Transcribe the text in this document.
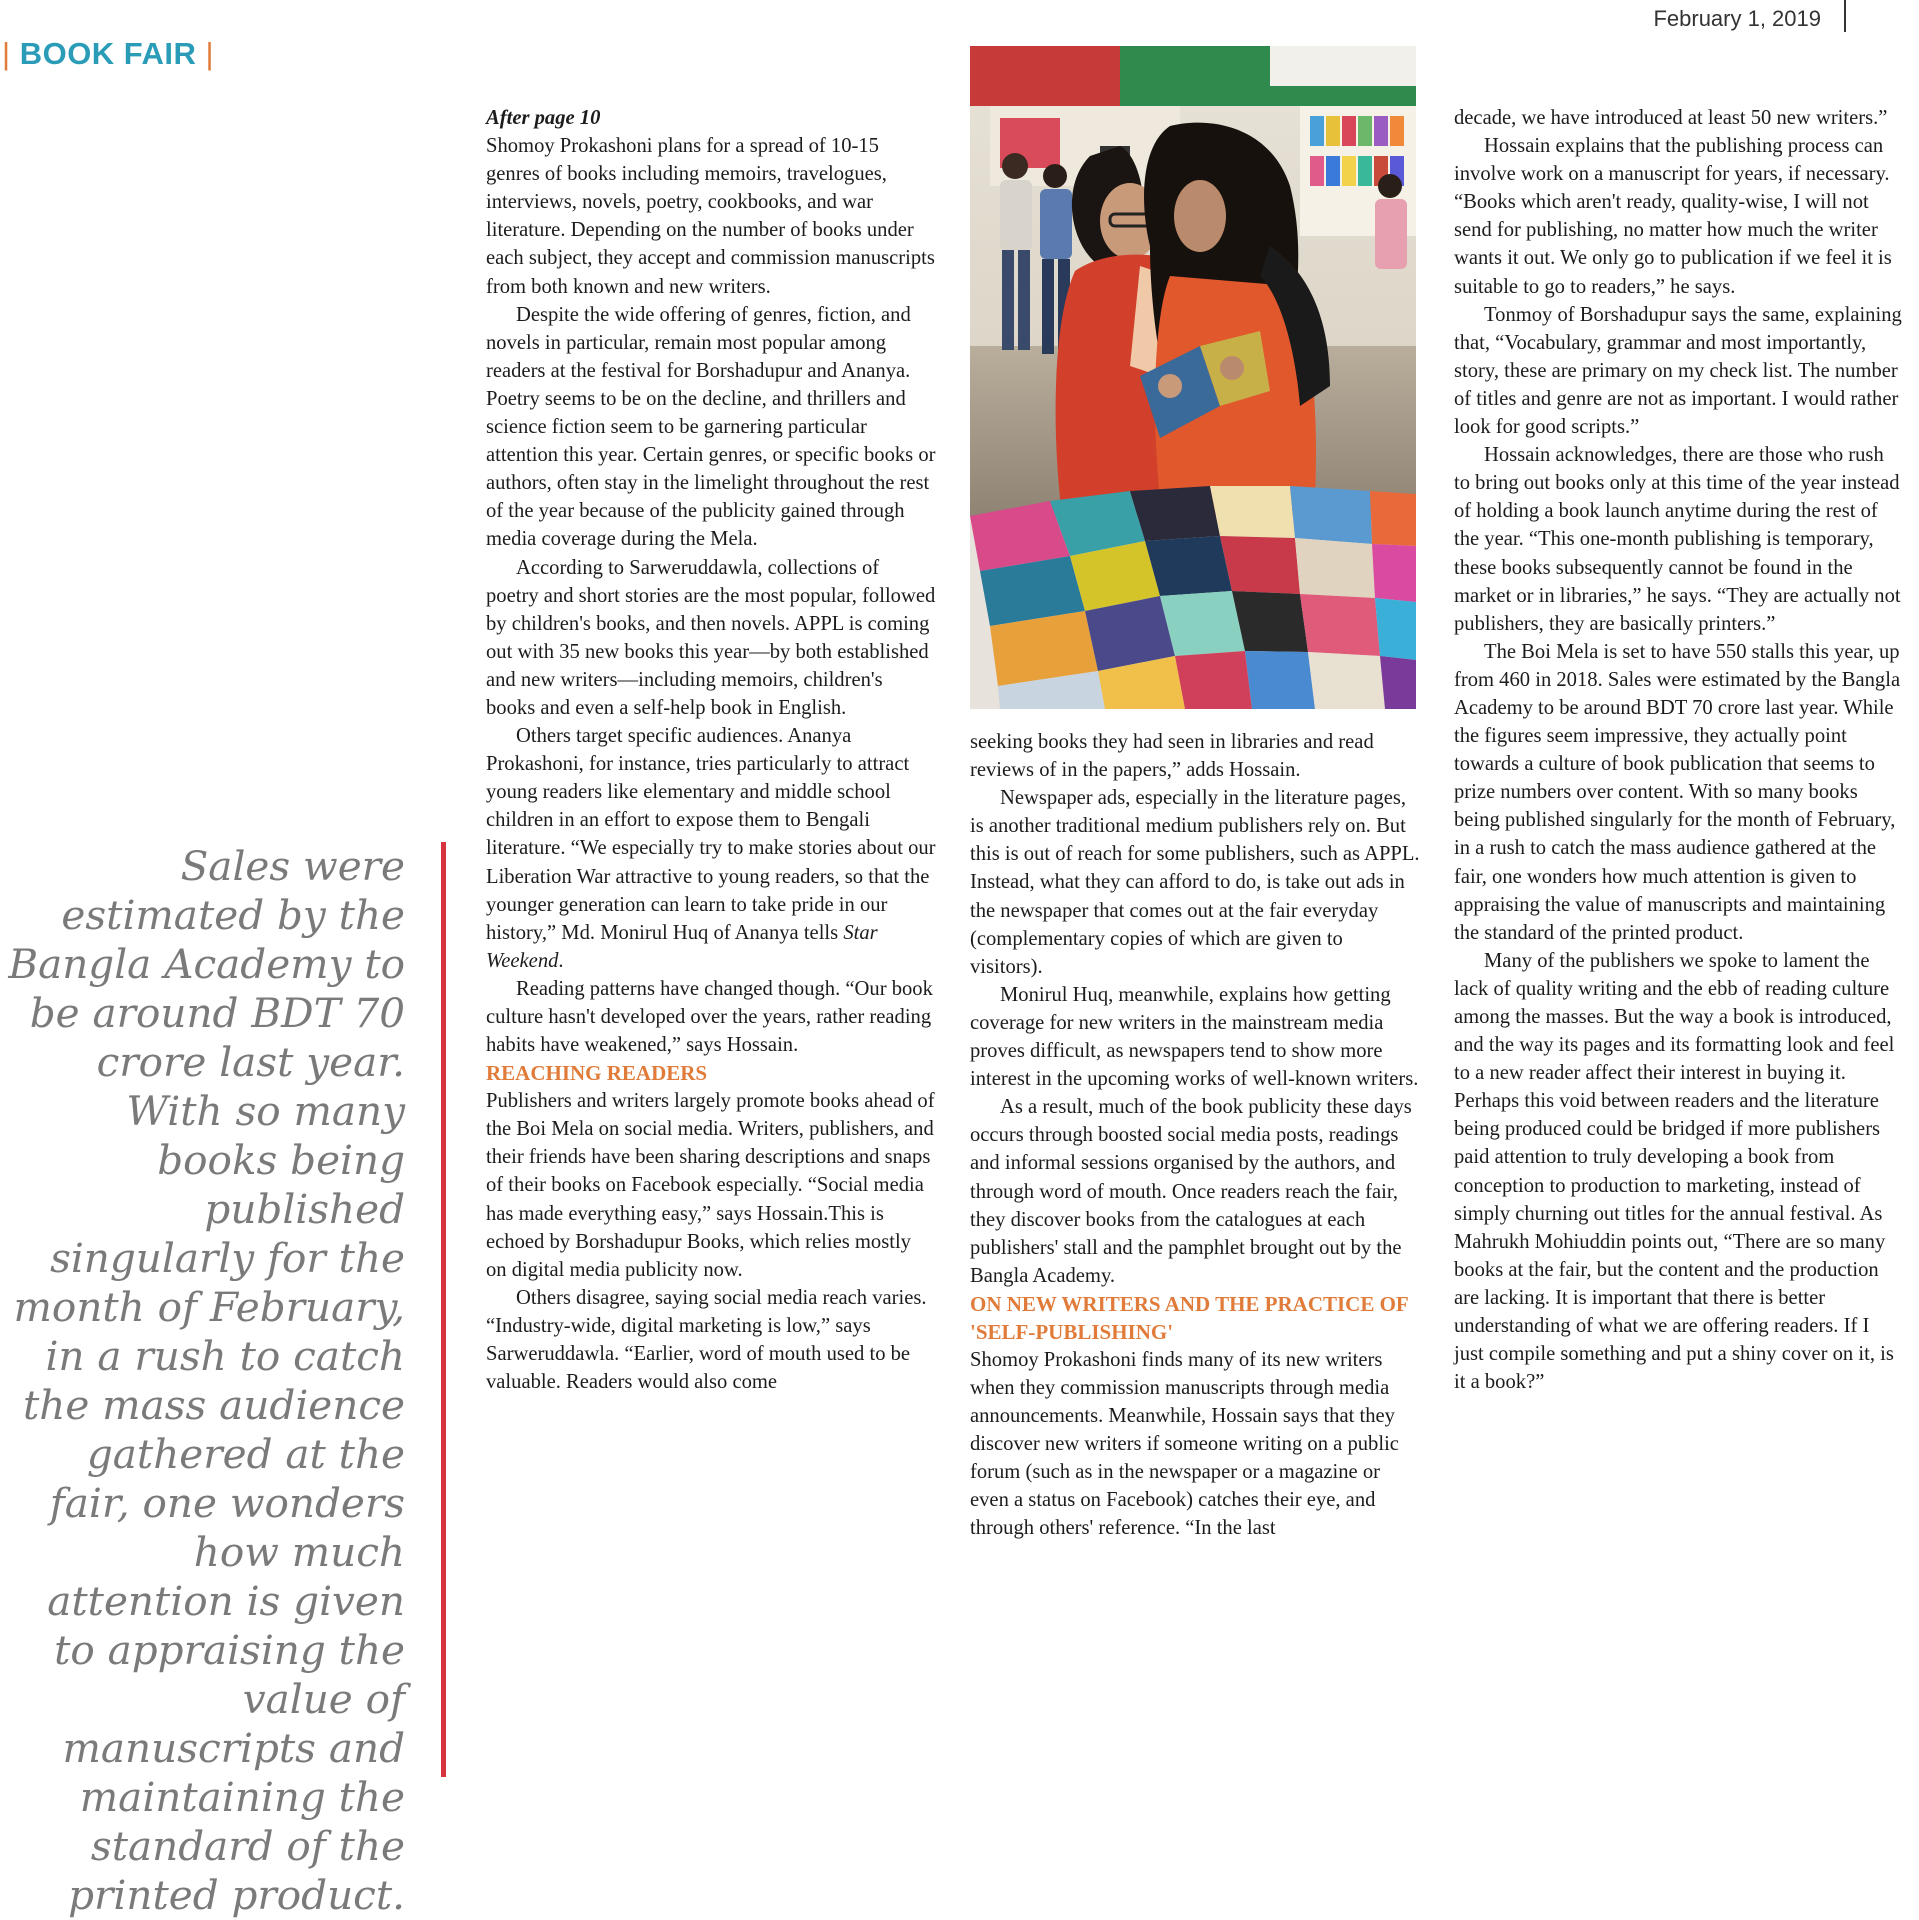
February 1, 2019
| BOOK FAIR |
Sales were estimated by the Bangla Academy to be around BDT 70 crore last year. With so many books being published singularly for the month of February, in a rush to catch the mass audience gathered at the fair, one wonders how much attention is given to appraising the value of manuscripts and maintaining the standard of the printed product.

After page 10

Shomoy Prokashoni plans for a spread of 10-15 genres of books including memoirs, travelogues, interviews, novels, poetry, cookbooks, and war literature. Depending on the number of books under each subject, they accept and commission manuscripts from both known and new writers.

Despite the wide offering of genres, fiction, and novels in particular, remain most popular among readers at the festival for Borshadupur and Ananya. Poetry seems to be on the decline, and thrillers and science fiction seem to be garnering particular attention this year. Certain genres, or specific books or authors, often stay in the limelight throughout the rest of the year because of the publicity gained through media coverage during the Mela.

According to Sarweruddawla, collections of poetry and short stories are the most popular, followed by children's books, and then novels. APPL is coming out with 35 new books this year—by both established and new writers—including memoirs, children's books and even a self-help book in English.

Others target specific audiences. Ananya Prokashoni, for instance, tries particularly to attract young readers like elementary and middle school children in an effort to expose them to Bengali literature. “We especially try to make stories about our Liberation War attractive to young readers, so that the younger generation can learn to take pride in our history,” Md. Monirul Huq of Ananya tells Star Weekend.

Reading patterns have changed though. “Our book culture hasn't developed over the years, rather reading habits have weakened,” says Hossain.

REACHING READERS

Publishers and writers largely promote books ahead of the Boi Mela on social media. Writers, publishers, and their friends have been sharing descriptions and snaps of their books on Facebook especially. “Social media has made everything easy,” says Hossain.This is echoed by Borshadupur Books, which relies mostly on digital media publicity now.

Others disagree, saying social media reach varies. “Industry-wide, digital marketing is low,” says Sarweruddawla. “Earlier, word of mouth used to be valuable. Readers would also come

seeking books they had seen in libraries and read reviews of in the papers,” adds Hossain.

Newspaper ads, especially in the literature pages, is another traditional medium publishers rely on. But this is out of reach for some publishers, such as APPL. Instead, what they can afford to do, is take out ads in the newspaper that comes out at the fair everyday (complementary copies of which are given to visitors).

Monirul Huq, meanwhile, explains how getting coverage for new writers in the mainstream media proves difficult, as newspapers tend to show more interest in the upcoming works of well-known writers.

As a result, much of the book publicity these days occurs through boosted social media posts, readings and informal sessions organised by the authors, and through word of mouth. Once readers reach the fair, they discover books from the catalogues at each publishers' stall and the pamphlet brought out by the Bangla Academy.

ON NEW WRITERS AND THE PRACTICE OF 'SELF-PUBLISHING'

Shomoy Prokashoni finds many of its new writers when they commission manuscripts through media announcements. Meanwhile, Hossain says that they discover new writers if someone writing on a public forum (such as in the newspaper or a magazine or even a status on Facebook) catches their eye, and through others' reference. “In the last

decade, we have introduced at least 50 new writers.”

Hossain explains that the publishing process can involve work on a manuscript for years, if necessary. “Books which aren't ready, quality-wise, I will not send for publishing, no matter how much the writer wants it out. We only go to publication if we feel it is suitable to go to readers,” he says.

Tonmoy of Borshadupur says the same, explaining that, “Vocabulary, grammar and most importantly, story, these are primary on my check list. The number of titles and genre are not as important. I would rather look for good scripts.”

Hossain acknowledges, there are those who rush to bring out books only at this time of the year instead of holding a book launch anytime during the rest of the year. “This one-month publishing is temporary, these books subsequently cannot be found in the market or in libraries,” he says. “They are actually not publishers, they are basically printers.”

The Boi Mela is set to have 550 stalls this year, up from 460 in 2018. Sales were estimated by the Bangla Academy to be around BDT 70 crore last year. While the figures seem impressive, they actually point towards a culture of book publication that seems to prize numbers over content. With so many books being published singularly for the month of February, in a rush to catch the mass audience gathered at the fair, one wonders how much attention is given to appraising the value of manuscripts and maintaining the standard of the printed product.

Many of the publishers we spoke to lament the lack of quality writing and the ebb of reading culture among the masses. But the way a book is introduced, and the way its pages and its formatting look and feel to a new reader affect their interest in buying it. Perhaps this void between readers and the literature being produced could be bridged if more publishers paid attention to truly developing a book from conception to production to marketing, instead of simply churning out titles for the annual festival. As Mahrukh Mohiuddin points out, “There are so many books at the fair, but the content and the production are lacking. It is important that there is better understanding of what we are offering readers. If I just compile something and put a shiny cover on it, is it a book?”
